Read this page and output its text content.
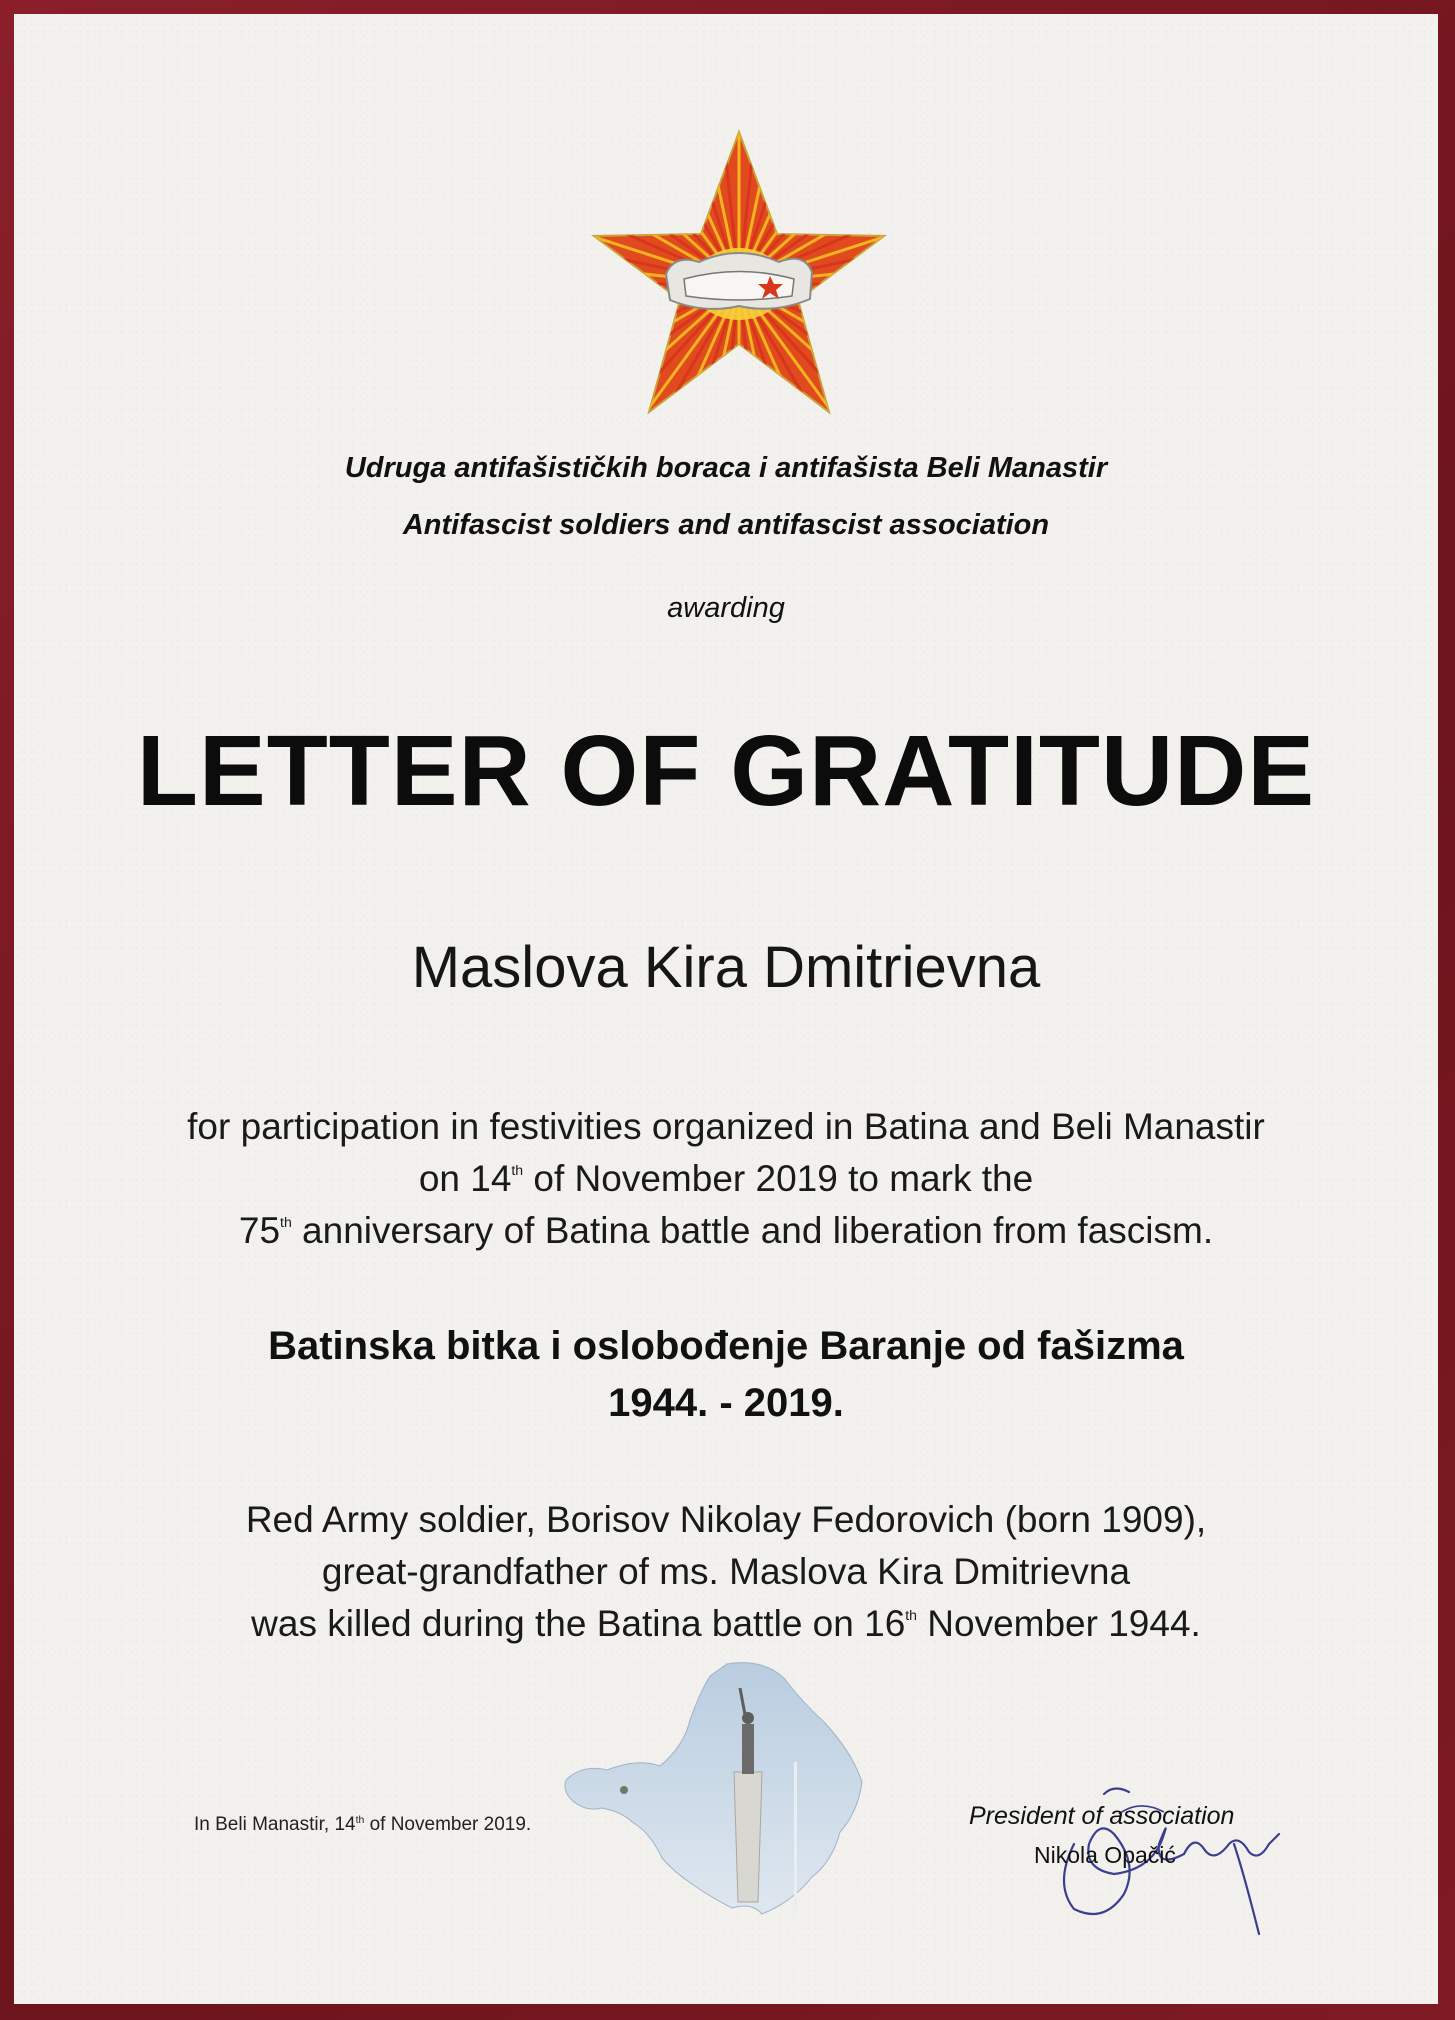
Udruga antifašističkih boraca i antifašista Beli Manastir
Antifascist soldiers and antifascist association
awarding
LETTER OF GRATITUDE
Maslova Kira Dmitrievna
for participation in festivities organized in Batina and Beli Manastir
on 14th of November 2019 to mark the
75th anniversary of Batina battle and liberation from fascism.
Batinska bitka i oslobođenje Baranje od fašizma
1944. - 2019.
Red Army soldier, Borisov Nikolay Fedorovich (born 1909),
great-grandfather of ms. Maslova Kira Dmitrievna
was killed during the Batina battle on 16th November 1944.
In Beli Manastir, 14th of November 2019.	President of association
Nikola Opačić
